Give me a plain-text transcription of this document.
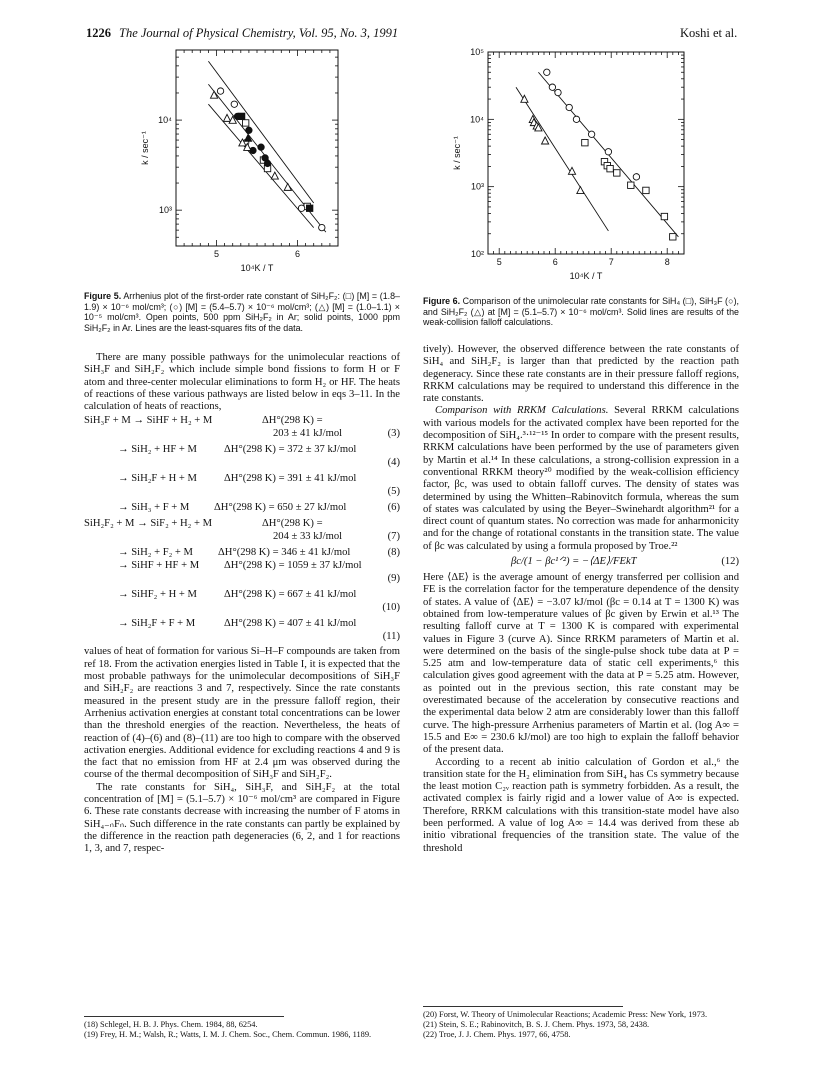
1226 The Journal of Physical Chemistry, Vol. 95, No. 3, 1991	Koshi et al.
10⁴
10³
5	6
10⁴K / T
k / sec⁻¹
Figure 5. Arrhenius plot of the first-order rate constant of SiH₂F₂: (□) [M] = (1.8–1.9) × 10⁻⁶ mol/cm³; (○) [M] = (5.4–5.7) × 10⁻⁶ mol/cm³; (△) [M] = (1.0–1.1) × 10⁻⁵ mol/cm³. Open points, 500 ppm SiH₂F₂ in Ar; solid points, 1000 ppm SiH₂F₂ in Ar. Lines are the least-squares fits of the data.
10⁵
10⁴
10³
10²
5	6	7	8
10⁴K / T
k / sec⁻¹
Figure 6. Comparison of the unimolecular rate constants for SiH₄ (□), SiH₃F (○), and SiH₂F₂ (△) at [M] = (5.1–5.7) × 10⁻⁶ mol/cm³. Solid lines are results of the weak-collision falloff calculations.

There are many possible pathways for the unimolecular reactions of SiH₃F and SiH₂F₂ which include simple bond fissions to form H or F atom and three-center molecular eliminations to form H₂ or HF. The heats of reactions of these various pathways are listed below in eqs 3–11. In the calculation of heats of reactions,

SiH₃F + M → SiHF + H₂ + M	ΔH°(298 K) =
203 ± 41 kJ/mol	(3)
→ SiH₂ + HF + M	ΔH°(298 K) = 372 ± 37 kJ/mol
(4)
→ SiH₂F + H + M	ΔH°(298 K) = 391 ± 41 kJ/mol
(5)
→ SiH₃ + F + M ΔH°(298 K) = 650 ± 27 kJ/mol	(6)
SiH₂F₂ + M → SiF₂ + H₂ + M	ΔH°(298 K) =
204 ± 33 kJ/mol	(7)
→ SiH₂ + F₂ + M ΔH°(298 K) = 346 ± 41 kJ/mol	(8)
→ SiHF + HF + M ΔH°(298 K) = 1059 ± 37 kJ/mol
(9)
→ SiHF₂ + H + M	ΔH°(298 K) = 667 ± 41 kJ/mol
(10)
→ SiH₂F + F + M	ΔH°(298 K) = 407 ± 41 kJ/mol
(11)

values of heat of formation for various Si–H–F compounds are taken from ref 18. From the activation energies listed in Table I, it is expected that the most probable pathways for the unimolecular decompositions of SiH₃F and SiH₂F₂ are reactions 3 and 7, respectively. Since the rate constants measured in the present study are in the pressure falloff region, their Arrhenius activation energies at constant total concentrations can be lower than the threshold energies of the reaction. Nevertheless, the heats of reaction of (4)–(6) and (8)–(11) are too high to compare with the observed activation energies. Additional evidence for excluding reactions 4 and 9 is the fact that no emission from HF at 2.4 μm was observed during the course of the thermal decomposition of SiH₃F and SiH₂F₂.

The rate constants for SiH₄, SiH₃F, and SiH₂F₂ at the total concentration of [M] = (5.1–5.7) × 10⁻⁶ mol/cm³ are compared in Figure 6. These rate constants decrease with increasing the number of F atoms in SiH₄₋ₙFₙ. Such difference in the rate constants can partly be explained by the difference in the reaction path degeneracies (6, 2, and 1 for reactions 1, 3, and 7, respec-

tively). However, the observed difference between the rate constants of SiH₄ and SiH₂F₂ is larger than that predicted by the reaction path degeneracy. Since these rate constants are in their pressure falloff regions, RRKM calculations may be required to understand this difference in the rate constants.

Comparison with RRKM Calculations. Several RRKM calculations with various models for the activated complex have been reported for the decomposition of SiH₄.³·¹²⁻¹⁵ In order to compare with the present results, RRKM calculations have been performed by the use of parameters given by Martin et al.¹⁴ In these calculations, a strong-collision expression in a conventional RRKM theory²⁰ modified by the weak-collision efficiency factor, βc, was used to obtain falloff curves. The density of states was determined by using the Whitten–Rabinovitch formula, whereas the sum of states was calculated by using the Beyer–Swinehardt algorithm²¹ for a direct count of quantum states. No correction was made for anharmonicity and for the change of rotational constants in the transition state. The value of βc was calculated by using a formula proposed by Troe.²²

βc/(1 − βc¹ᐟ²) = −⟨ΔE⟩/FEkT	(12)

Here ⟨ΔE⟩ is the average amount of energy transferred per collision and FE is the correlation factor for the temperature dependence of the density of states. A value of ⟨ΔE⟩ = −3.07 kJ/mol (βc = 0.14 at T = 1300 K) was obtained from low-temperature values of βc given by Erwin et al.¹³ The resulting falloff curve at T = 1300 K is compared with experimental values in Figure 3 (curve A). Since RRKM parameters of Martin et al. were determined on the basis of the single-pulse shock tube data at P = 5.25 atm and low-temperature data of static cell experiments,⁶ this calculation gives good agreement with the data at P = 5.25 atm. However, as pointed out in the previous section, this rate constant may be overestimated because of the acceleration by consecutive reactions and the experimental data below 2 atm are considerably lower than this falloff curve. The high-pressure Arrhenius parameters of Martin et al. (log A∞ = 15.5 and E∞ = 230.6 kJ/mol) are too high to explain the falloff behavior of the present data.

According to a recent ab initio calculation of Gordon et al.,⁶ the transition state for the H₂ elimination from SiH₄ has Cs symmetry because the least motion C₂ᵥ reaction path is symmetry forbidden. As a result, the activated complex is fairly rigid and a lower value of A∞ is expected. Therefore, RRKM calculations with this transition-state model have also been performed. A value of log A∞ = 14.4 was derived from these ab initio vibrational frequencies of the transition state. The value of the threshold

(18) Schlegel, H. B. J. Phys. Chem. 1984, 88, 6254.
(19) Frey, H. M.; Walsh, R.; Watts, I. M. J. Chem. Soc., Chem. Commun. 1986, 1189.
(20) Forst, W. Theory of Unimolecular Reactions; Academic Press: New York, 1973.
(21) Stein, S. E.; Rabinovitch, B. S. J. Chem. Phys. 1973, 58, 2438.
(22) Troe, J. J. Chem. Phys. 1977, 66, 4758.
